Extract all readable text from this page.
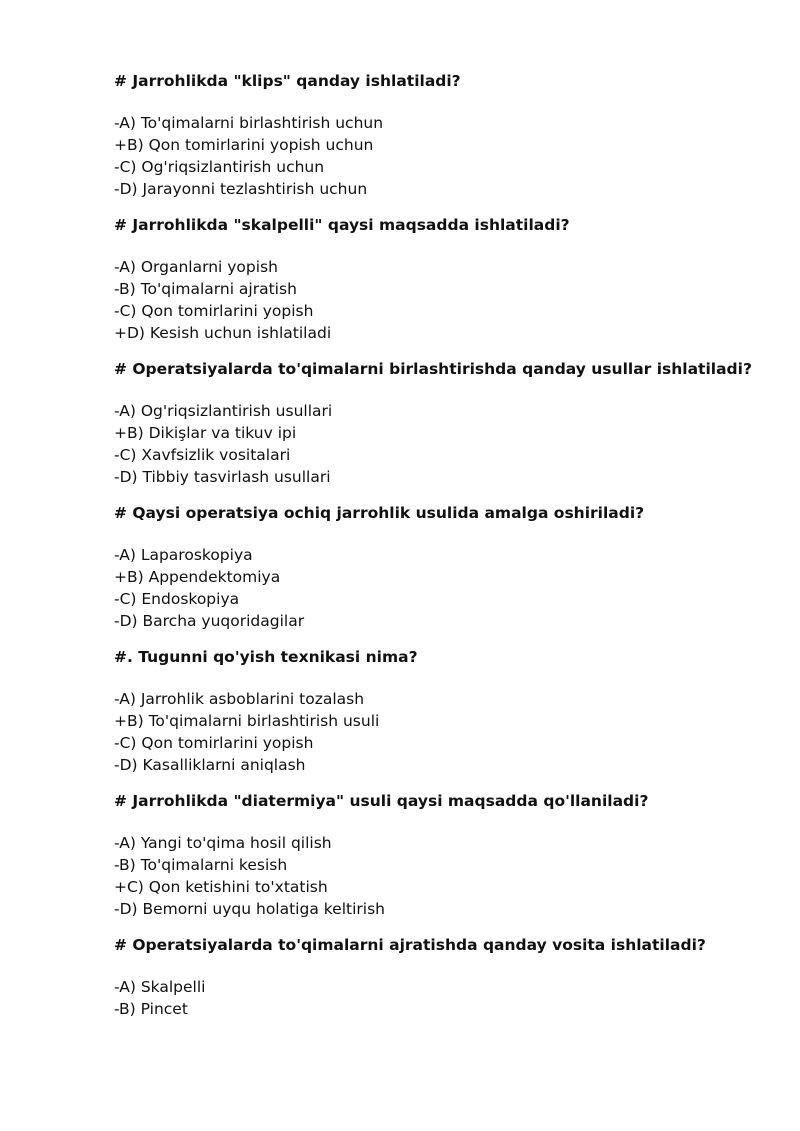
# Jarrohlikda "klips" qanday ishlatiladi?
-A) To'qimalarni birlashtirish uchun
+B) Qon tomirlarini yopish uchun
-C) Og'riqsizlantirish uchun
-D) Jarayonni tezlashtirish uchun
# Jarrohlikda "skalpelli" qaysi maqsadda ishlatiladi?
-A) Organlarni yopish
-B) To'qimalarni ajratish
-C) Qon tomirlarini yopish
+D) Kesish uchun ishlatiladi
# Operatsiyalarda to'qimalarni birlashtirishda qanday usullar ishlatiladi?
-A) Og'riqsizlantirish usullari
+B) Dikişlar va tikuv ipi
-C) Xavfsizlik vositalari
-D) Tibbiy tasvirlash usullari
# Qaysi operatsiya ochiq jarrohlik usulida amalga oshiriladi?
-A) Laparoskopiya
+B) Appendektomiya
-C) Endoskopiya
-D) Barcha yuqoridagilar
#. Tugunni qo'yish texnikasi nima?
-A) Jarrohlik asboblarini tozalash
+B) To'qimalarni birlashtirish usuli
-C) Qon tomirlarini yopish
-D) Kasalliklarni aniqlash
# Jarrohlikda "diatermiya" usuli qaysi maqsadda qo'llaniladi?
-A) Yangi to'qima hosil qilish
-B) To'qimalarni kesish
+C) Qon ketishini to'xtatish
-D) Bemorni uyqu holatiga keltirish
# Operatsiyalarda to'qimalarni ajratishda qanday vosita ishlatiladi?
-A) Skalpelli
-B) Pincet
